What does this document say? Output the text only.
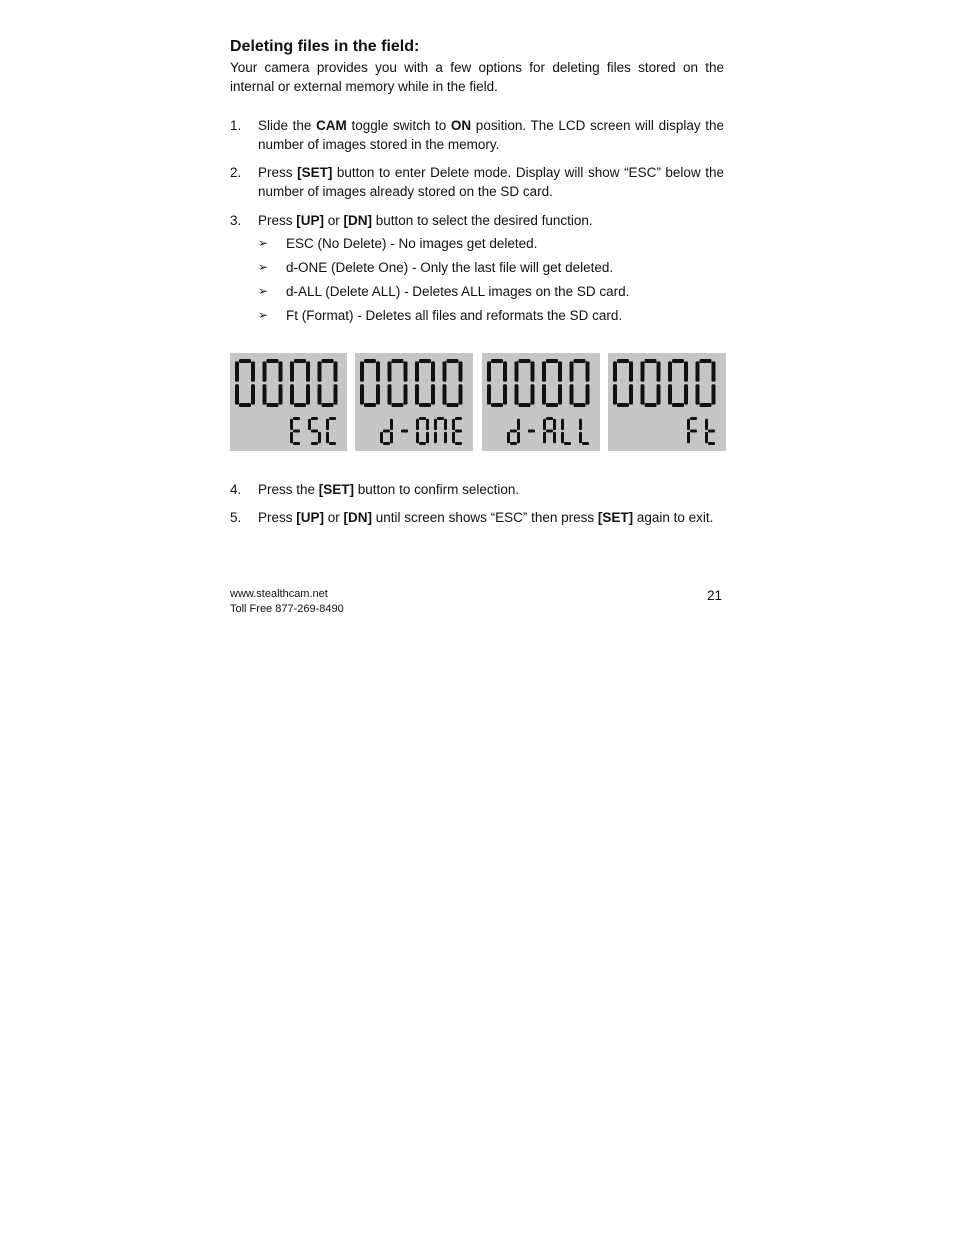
Deleting files in the field:

Your camera provides you with a few options for deleting files stored on the internal or external memory while in the field.

1.	Slide the CAM toggle switch to ON position. The LCD screen will display the number of images stored in the memory.
2.	Press [SET] button to enter Delete mode. Display will show “ESC” below the number of images already stored on the SD card.
3.	Press [UP] or [DN] button to select the desired function.
➢	ESC (No Delete) - No images get deleted.
➢	d-ONE (Delete One) - Only the last file will get deleted.
➢	d-ALL (Delete ALL) - Deletes ALL images on the SD card.
➢	Ft (Format) - Deletes all files and reformats the SD card.
4.	Press the [SET] button to confirm selection.
5.	Press [UP] or [DN] until screen shows “ESC” then press [SET] again to exit.
www.stealthcam.net
Toll Free 877-269-8490
21
